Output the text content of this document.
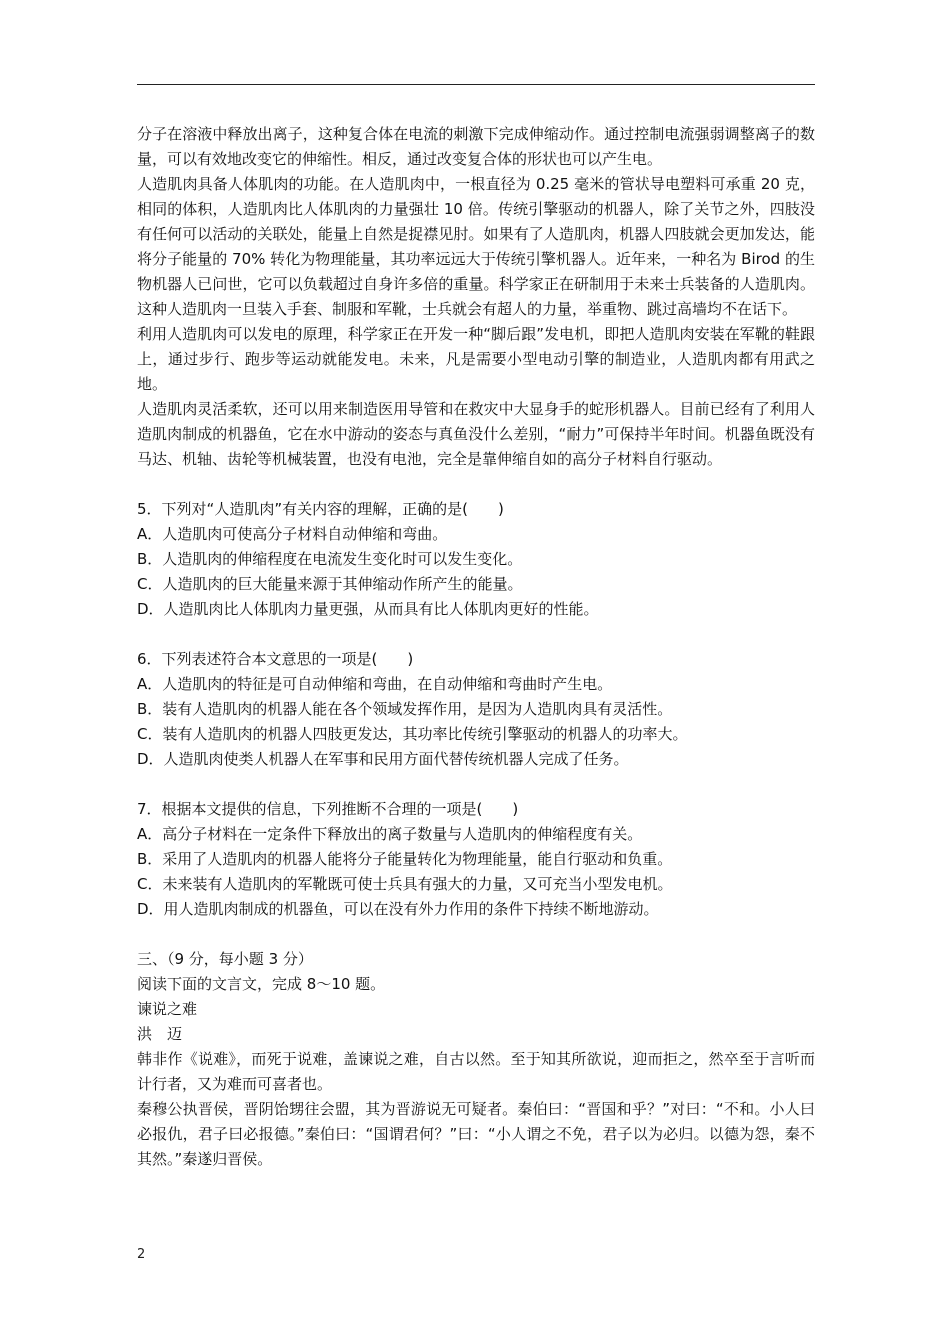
分子在溶液中释放出离子，这种复合体在电流的刺激下完成伸缩动作。通过控制电流强弱调整离子的数量，可以有效地改变它的伸缩性。相反，通过改变复合体的形状也可以产生电。

人造肌肉具备人体肌肉的功能。在人造肌肉中，一根直径为 0.25 毫米的管状导电塑料可承重 20 克，相同的体积，人造肌肉比人体肌肉的力量强壮 10 倍。传统引擎驱动的机器人，除了关节之外，四肢没有任何可以活动的关联处，能量上自然是捉襟见肘。如果有了人造肌肉，机器人四肢就会更加发达，能将分子能量的 70% 转化为物理能量，其功率远远大于传统引擎机器人。近年来，一种名为 Birod 的生物机器人已问世，它可以负载超过自身许多倍的重量。科学家正在研制用于未来士兵装备的人造肌肉。这种人造肌肉一旦装入手套、制服和军靴，士兵就会有超人的力量，举重物、跳过高墙均不在话下。

利用人造肌肉可以发电的原理，科学家正在开发一种“脚后跟”发电机，即把人造肌肉安装在军靴的鞋跟上，通过步行、跑步等运动就能发电。未来，凡是需要小型电动引擎的制造业，人造肌肉都有用武之地。

人造肌肉灵活柔软，还可以用来制造医用导管和在救灾中大显身手的蛇形机器人。目前已经有了利用人造肌肉制成的机器鱼，它在水中游动的姿态与真鱼没什么差别，“耐力”可保持半年时间。机器鱼既没有马达、机轴、齿轮等机械装置，也没有电池，完全是靠伸缩自如的高分子材料自行驱动。

5．下列对“人造肌肉”有关内容的理解，正确的是(　　)

A．人造肌肉可使高分子材料自动伸缩和弯曲。

B．人造肌肉的伸缩程度在电流发生变化时可以发生变化。

C．人造肌肉的巨大能量来源于其伸缩动作所产生的能量。

D．人造肌肉比人体肌肉力量更强，从而具有比人体肌肉更好的性能。

6．下列表述符合本文意思的一项是(　　)

A．人造肌肉的特征是可自动伸缩和弯曲，在自动伸缩和弯曲时产生电。

B．装有人造肌肉的机器人能在各个领域发挥作用，是因为人造肌肉具有灵活性。

C．装有人造肌肉的机器人四肢更发达，其功率比传统引擎驱动的机器人的功率大。

D．人造肌肉使类人机器人在军事和民用方面代替传统机器人完成了任务。

7．根据本文提供的信息，下列推断不合理的一项是(　　)

A．高分子材料在一定条件下释放出的离子数量与人造肌肉的伸缩程度有关。

B．采用了人造肌肉的机器人能将分子能量转化为物理能量，能自行驱动和负重。

C．未来装有人造肌肉的军靴既可使士兵具有强大的力量，又可充当小型发电机。

D．用人造肌肉制成的机器鱼，可以在没有外力作用的条件下持续不断地游动。

三、（9 分，每小题 3 分）

阅读下面的文言文，完成 8～10 题。

谏说之难

洪　迈

韩非作《说难》，而死于说难，盖谏说之难，自古以然。至于知其所欲说，迎而拒之，然卒至于言听而计行者，又为难而可喜者也。

秦穆公执晋侯，晋阴饴甥往会盟，其为晋游说无可疑者。秦伯曰：“晋国和乎？”对曰：“不和。小人曰必报仇，君子曰必报德。”秦伯曰：“国谓君何？”曰：“小人谓之不免，君子以为必归。以德为怨，秦不其然。”秦遂归晋侯。

2
